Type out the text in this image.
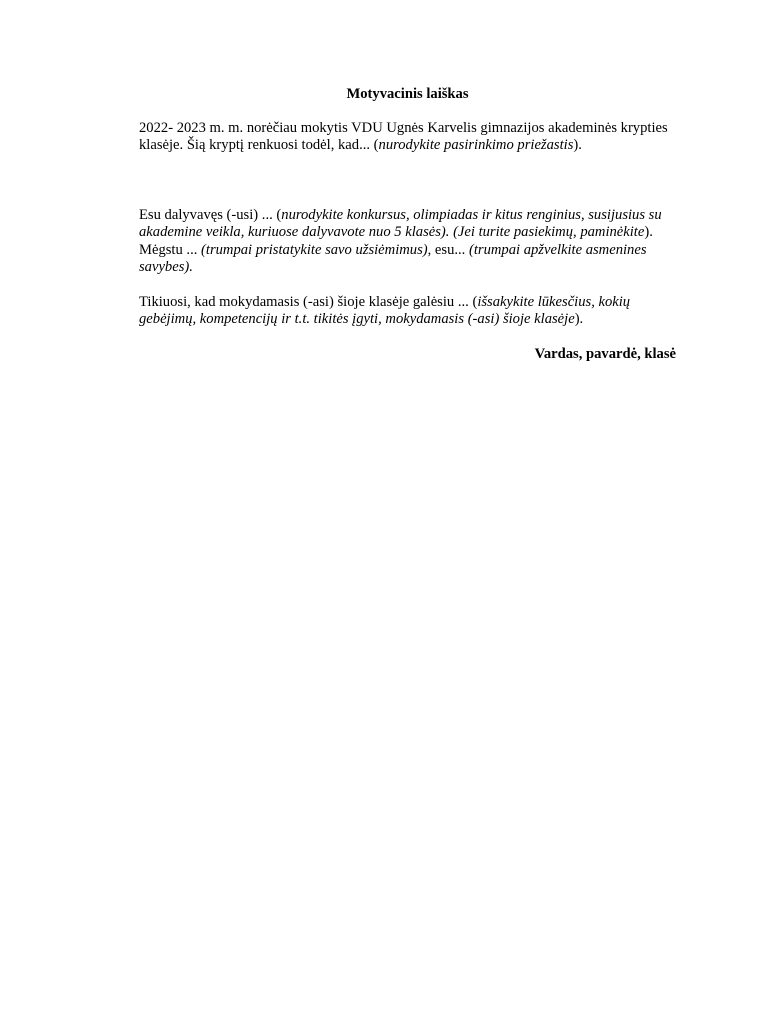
Motyvacinis laiškas

2022- 2023 m. m. norėčiau mokytis VDU Ugnės Karvelis gimnazijos akademinės krypties klasėje. Šią kryptį renkuosi todėl, kad... (nurodykite pasirinkimo priežastis).

Esu dalyvavęs (-usi) ... (nurodykite konkursus, olimpiadas ir kitus renginius, susijusius su akademine veikla, kuriuose dalyvavote nuo 5 klasės). (Jei turite pasiekimų, paminėkite). Mėgstu ... (trumpai pristatykite savo užsiėmimus), esu... (trumpai apžvelkite asmenines savybes).

Tikiuosi, kad mokydamasis (-asi) šioje klasėje galėsiu ... (išsakykite lūkesčius, kokių gebėjimų, kompetencijų ir t.t. tikitės įgyti, mokydamasis (-asi) šioje klasėje).

Vardas, pavardė, klasė
